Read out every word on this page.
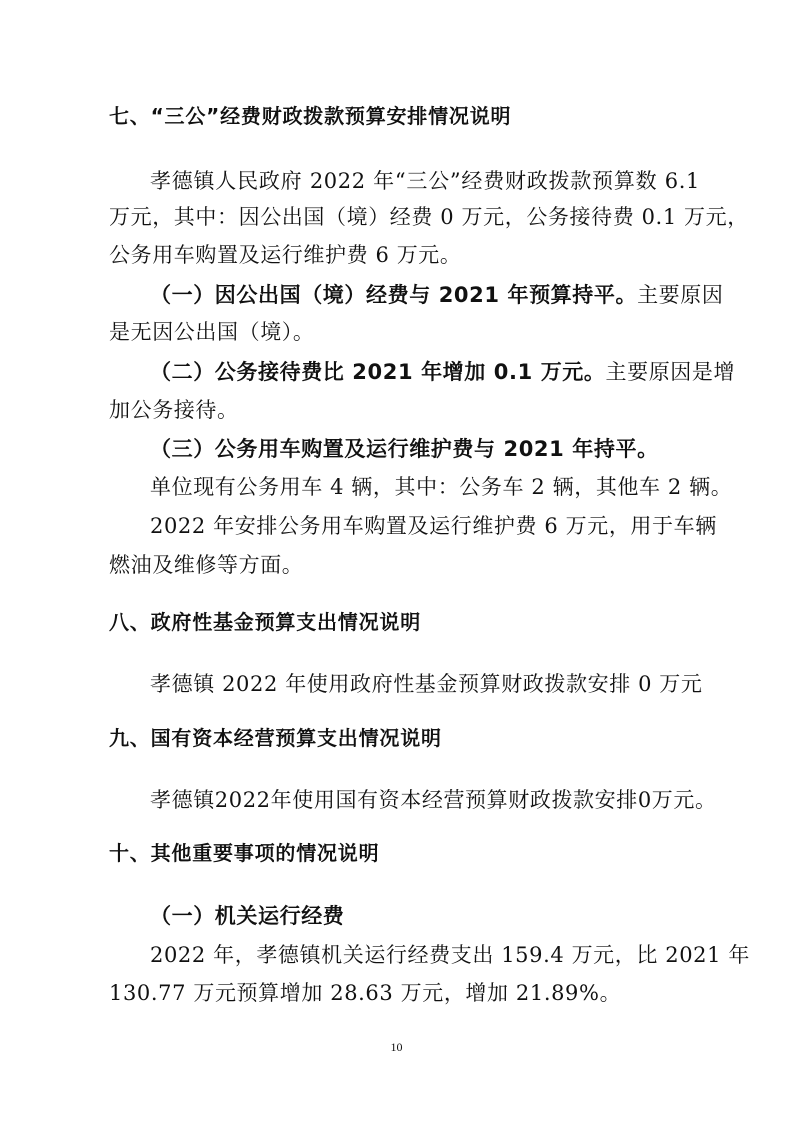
七、“三公”经费财政拨款预算安排情况说明
孝德镇人民政府 2022 年“三公”经费财政拨款预算数 6.1
万元，其中：因公出国（境）经费 0 万元，公务接待费 0.1 万元，
公务用车购置及运行维护费 6 万元。
（一）因公出国（境）经费与 2021 年预算持平。主要原因
是无因公出国（境）。
（二）公务接待费比 2021 年增加 0.1 万元。主要原因是增
加公务接待。
（三）公务用车购置及运行维护费与 2021 年持平。
单位现有公务用车 4 辆，其中：公务车 2 辆，其他车 2 辆。
2022 年安排公务用车购置及运行维护费 6 万元，用于车辆
燃油及维修等方面。
八、政府性基金预算支出情况说明
孝德镇 2022 年使用政府性基金预算财政拨款安排 0 万元
九、国有资本经营预算支出情况说明
孝德镇2022年使用国有资本经营预算财政拨款安排0万元。
十、其他重要事项的情况说明
（一）机关运行经费
2022 年，孝德镇机关运行经费支出 159.4 万元，比 2021 年
130.77 万元预算增加 28.63 万元，增加 21.89%。
10
